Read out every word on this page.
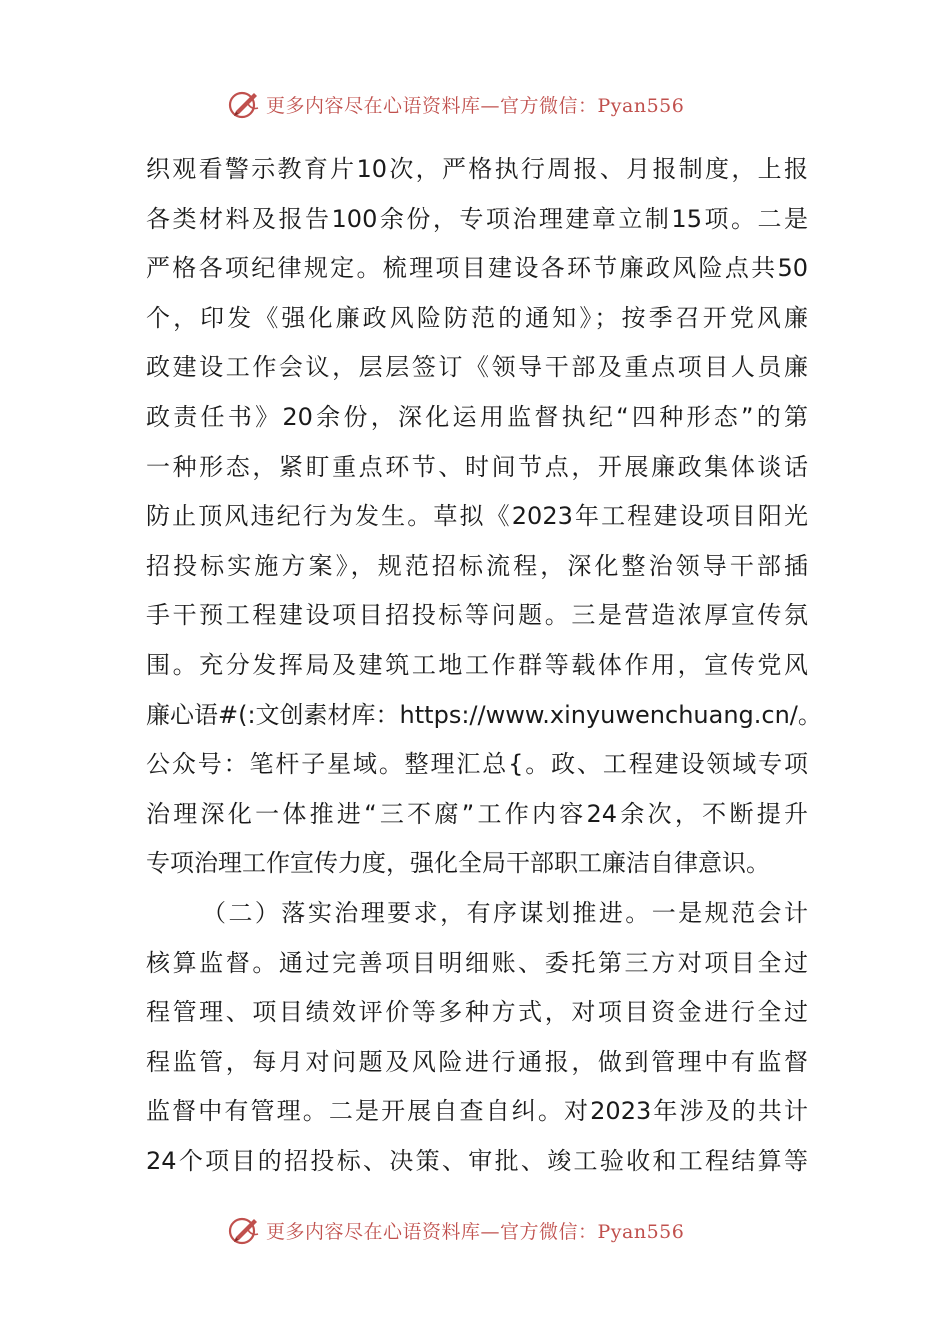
更多内容尽在心语资料库—官方微信：Pyan556
织观看警示教育片10次，严格执行周报、月报制度，上报
各类材料及报告100余份，专项治理建章立制15项。二是
严格各项纪律规定。梳理项目建设各环节廉政风险点共50
个，印发《强化廉政风险防范的通知》；按季召开党风廉
政建设工作会议，层层签订《领导干部及重点项目人员廉
政责任书》20余份，深化运用监督执纪“四种形态”的第
一种形态，紧盯重点环节、时间节点，开展廉政集体谈话
防止顶风违纪行为发生。草拟《2023年工程建设项目阳光
招投标实施方案》，规范招标流程，深化整治领导干部插
手干预工程建设项目招投标等问题。三是营造浓厚宣传氛
围。充分发挥局及建筑工地工作群等载体作用，宣传党风
廉心语#(:文创素材库：https://www.xinyuwenchuang.cn/。
公众号：笔杆子星域。整理汇总{。政、工程建设领域专项
治理深化一体推进“三不腐”工作内容24余次，不断提升
专项治理工作宣传力度，强化全局干部职工廉洁自律意识。
（二）落实治理要求，有序谋划推进。一是规范会计
核算监督。通过完善项目明细账、委托第三方对项目全过
程管理、项目绩效评价等多种方式，对项目资金进行全过
程监管，每月对问题及风险进行通报，做到管理中有监督
监督中有管理。二是开展自查自纠。对2023年涉及的共计
24个项目的招投标、决策、审批、竣工验收和工程结算等
更多内容尽在心语资料库—官方微信：Pyan556
